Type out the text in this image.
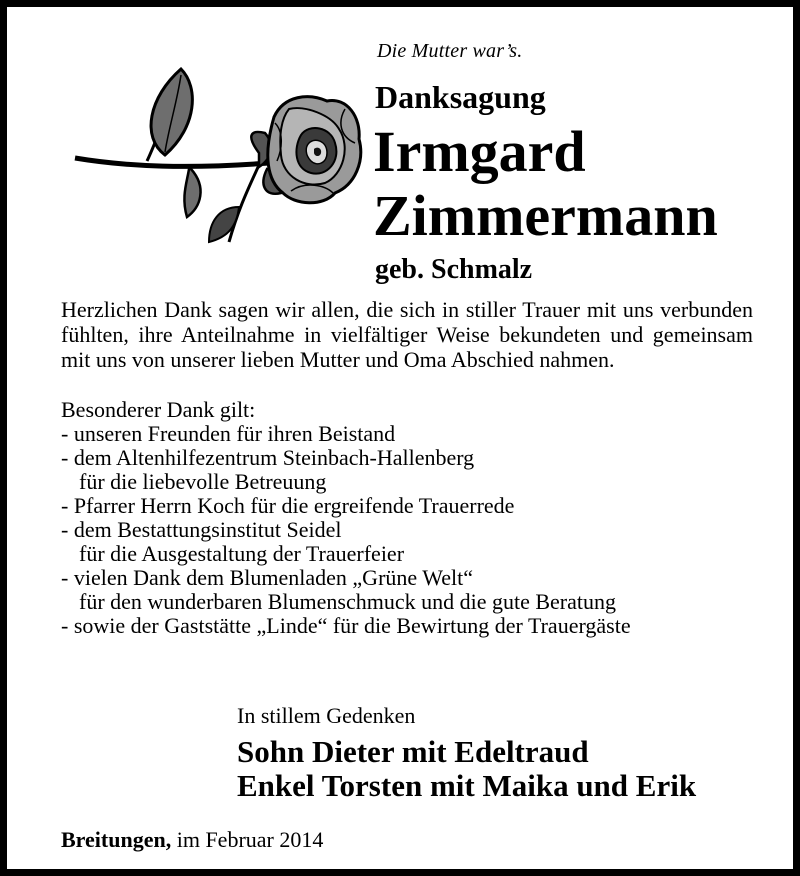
Die Mutter war’s.
Danksagung
Irmgard
Zimmermann
geb. Schmalz

Herzlichen Dank sagen wir allen, die sich in stiller Trauer mit uns verbunden fühlten, ihre Anteilnahme in vielfältiger Weise bekundeten und gemeinsam mit uns von unserer lieben Mutter und Oma Abschied nahmen.

Besonderer Dank gilt:
- unseren Freunden für ihren Beistand
- dem Altenhilfezentrum Steinbach-Hallenberg
für die liebevolle Betreuung
- Pfarrer Herrn Koch für die ergreifende Trauerrede
- dem Bestattungsinstitut Seidel
für die Ausgestaltung der Trauerfeier
- vielen Dank dem Blumenladen „Grüne Welt“
für den wunderbaren Blumenschmuck und die gute Beratung
- sowie der Gaststätte „Linde“ für die Bewirtung der Trauergäste
In stillem Gedenken
Sohn Dieter mit Edeltraud
Enkel Torsten mit Maika und Erik
Breitungen, im Februar 2014
